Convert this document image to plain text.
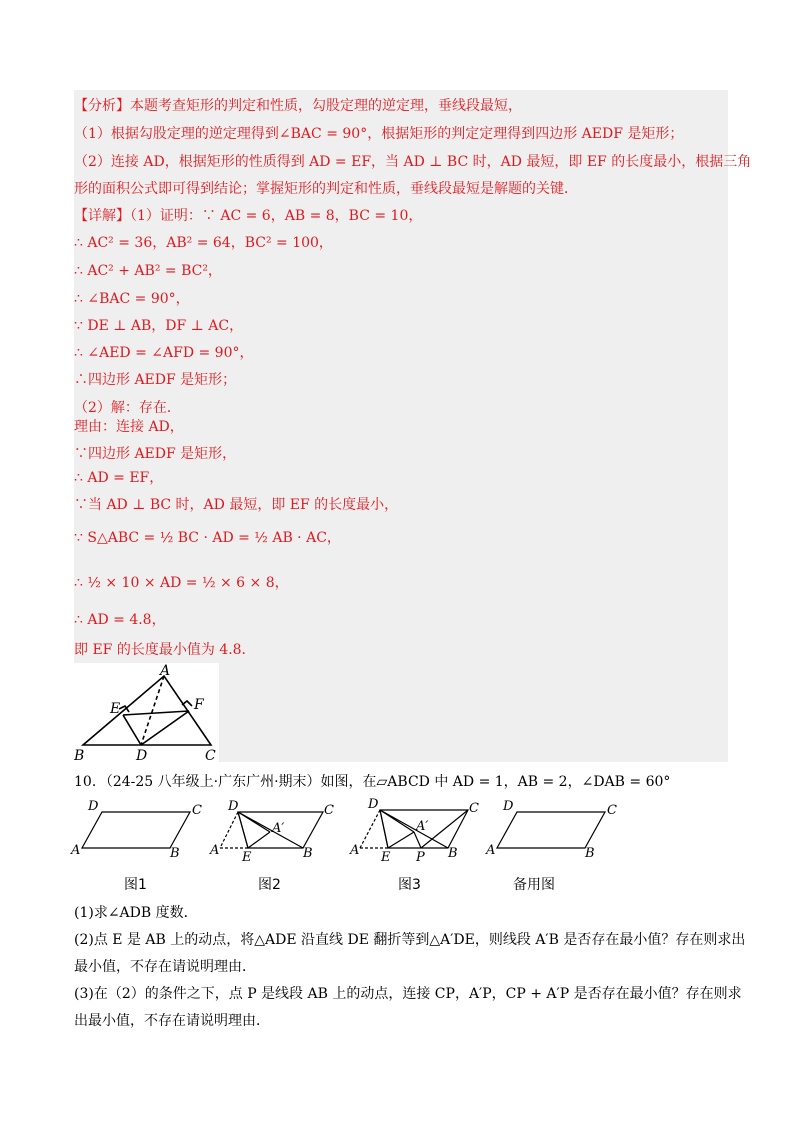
【分析】本题考查矩形的判定和性质，勾股定理的逆定理，垂线段最短，
（1）根据勾股定理的逆定理得到∠BAC = 90°，根据矩形的判定定理得到四边形 AEDF 是矩形；
（2）连接 AD，根据矩形的性质得到 AD = EF，当 AD ⊥ BC 时，AD 最短，即 EF 的长度最小，根据三角
形的面积公式即可得到结论；掌握矩形的判定和性质，垂线段最短是解题的关键．
【详解】（1）证明：∵ AC = 6，AB = 8，BC = 10，
∴ AC² = 36，AB² = 64，BC² = 100，
∴ AC² + AB² = BC²，
∴ ∠BAC = 90°，
∵ DE ⊥ AB，DF ⊥ AC，
∴ ∠AED = ∠AFD = 90°，
∴四边形 AEDF 是矩形；
（2）解：存在．
理由：连接 AD，
∵四边形 AEDF 是矩形，
∴ AD = EF，
∵当 AD ⊥ BC 时，AD 最短，即 EF 的长度最小，
∵ S△ABC = ½ BC · AD = ½ AB · AC，
∴ ½ × 10 × AD = ½ × 6 × 8，
∴ AD = 4.8，
即 EF 的长度最小值为 4.8．
A
E	F
B	D	C
10．（24-25 八年级上·广东广州·期末）如图，在▱ABCD 中 AD = 1，AB = 2，∠DAB = 60°
D	C
A	B
D	C
A′
A E	B
D	C
A′
A E P B
D	C
A	B
图1	图2	图3	备用图
(1)求∠ADB 度数．
(2)点 E 是 AB 上的动点，将△ADE 沿直线 DE 翻折等到△A′DE，则线段 A′B 是否存在最小值？存在则求出
最小值，不存在请说明理由．
(3)在（2）的条件之下，点 P 是线段 AB 上的动点，连接 CP，A′P，CP + A′P 是否存在最小值？存在则求
出最小值，不存在请说明理由．
